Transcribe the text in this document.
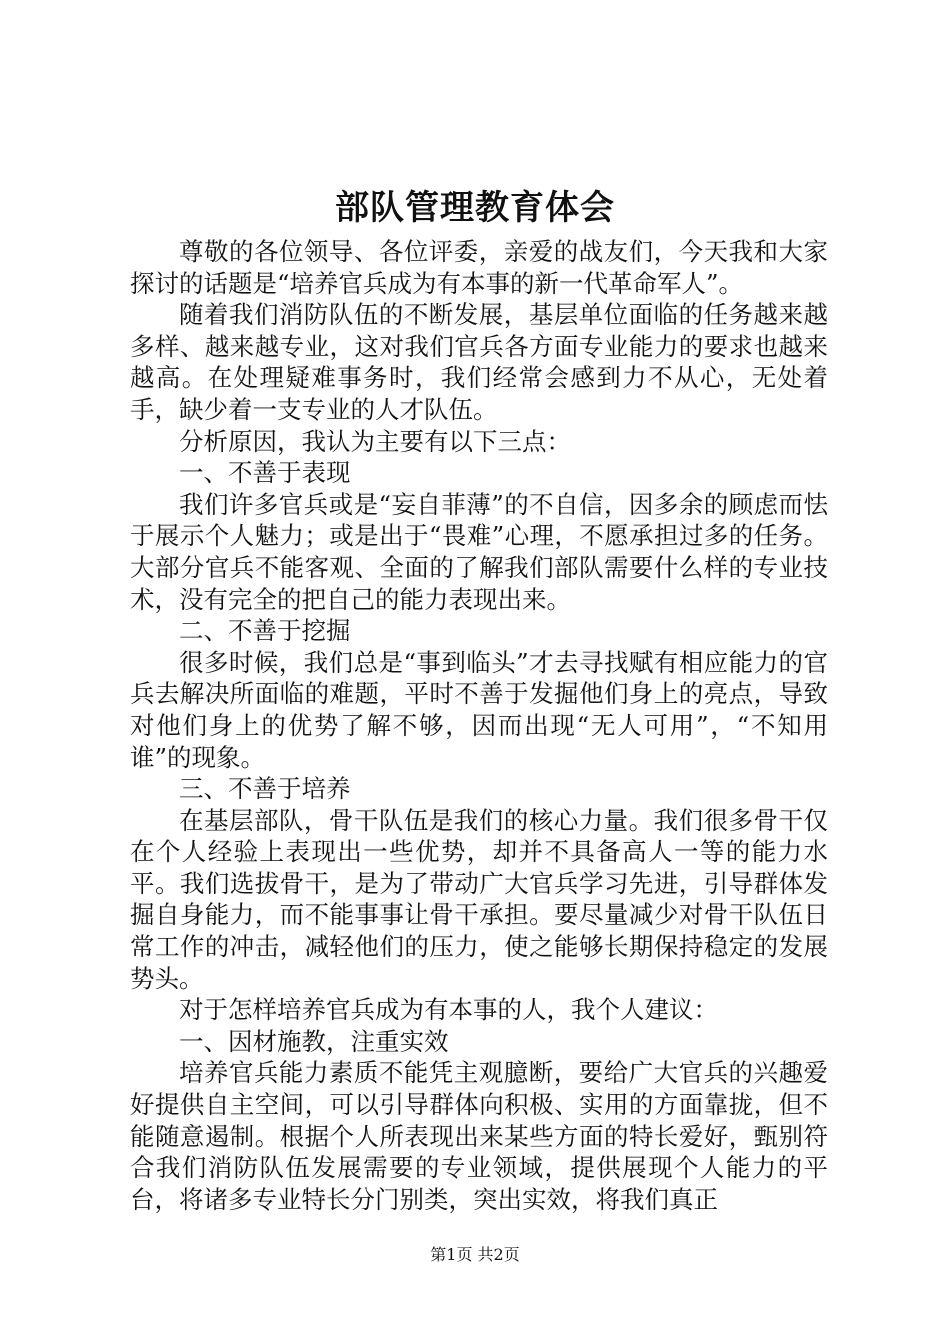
部队管理教育体会

尊敬的各位领导、各位评委，亲爱的战友们，今天我和大家探讨的话题是“培养官兵成为有本事的新一代革命军人”。

随着我们消防队伍的不断发展，基层单位面临的任务越来越多样、越来越专业，这对我们官兵各方面专业能力的要求也越来越高。在处理疑难事务时，我们经常会感到力不从心，无处着手，缺少着一支专业的人才队伍。

分析原因，我认为主要有以下三点：

一、不善于表现

我们许多官兵或是“妄自菲薄”的不自信，因多余的顾虑而怯于展示个人魅力；或是出于“畏难”心理，不愿承担过多的任务。大部分官兵不能客观、全面的了解我们部队需要什么样的专业技术，没有完全的把自己的能力表现出来。

二、不善于挖掘

很多时候，我们总是“事到临头”才去寻找赋有相应能力的官兵去解决所面临的难题，平时不善于发掘他们身上的亮点，导致对他们身上的优势了解不够，因而出现“无人可用”，“不知用谁”的现象。

三、不善于培养

在基层部队，骨干队伍是我们的核心力量。我们很多骨干仅在个人经验上表现出一些优势，却并不具备高人一等的能力水平。我们选拔骨干，是为了带动广大官兵学习先进，引导群体发掘自身能力，而不能事事让骨干承担。要尽量减少对骨干队伍日常工作的冲击，减轻他们的压力，使之能够长期保持稳定的发展势头。

对于怎样培养官兵成为有本事的人，我个人建议：

一、因材施教，注重实效

培养官兵能力素质不能凭主观臆断，要给广大官兵的兴趣爱好提供自主空间，可以引导群体向积极、实用的方面靠拢，但不能随意遏制。根据个人所表现出来某些方面的特长爱好，甄别符合我们消防队伍发展需要的专业领域，提供展现个人能力的平台，将诸多专业特长分门别类，突出实效，将我们真正

第1页 共2页
